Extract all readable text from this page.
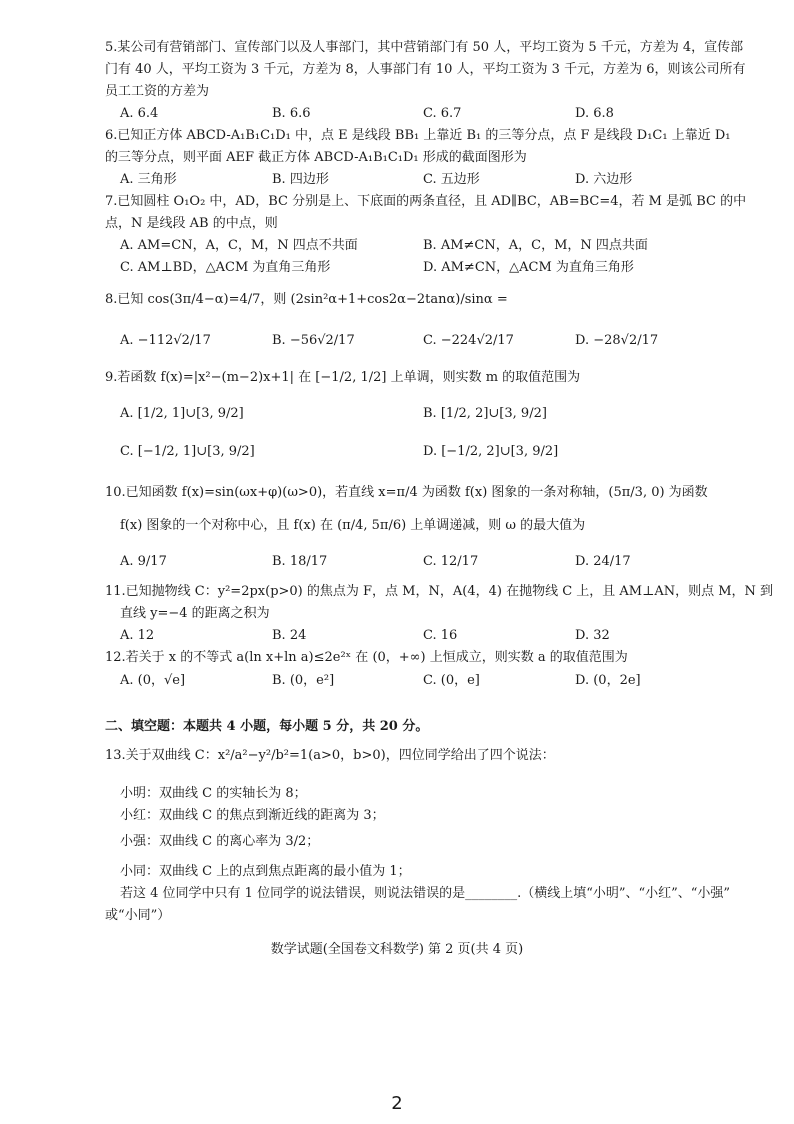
5.某公司有营销部门、宣传部门以及人事部门，其中营销部门有 50 人，平均工资为 5 千元，方差为 4，宣传部
门有 40 人，平均工资为 3 千元，方差为 8，人事部门有 10 人，平均工资为 3 千元，方差为 6，则该公司所有
员工工资的方差为
A. 6.4	B. 6.6	C. 6.7	D. 6.8
6.已知正方体 ABCD-A₁B₁C₁D₁ 中，点 E 是线段 BB₁ 上靠近 B₁ 的三等分点，点 F 是线段 D₁C₁ 上靠近 D₁
的三等分点，则平面 AEF 截正方体 ABCD-A₁B₁C₁D₁ 形成的截面图形为
A. 三角形	B. 四边形	C. 五边形	D. 六边形
7.已知圆柱 O₁O₂ 中，AD，BC 分别是上、下底面的两条直径，且 AD∥BC，AB=BC=4，若 M 是弧 BC 的中
点，N 是线段 AB 的中点，则
A. AM=CN，A，C，M，N 四点不共面	B. AM≠CN，A，C，M，N 四点共面
C. AM⊥BD，△ACM 为直角三角形	D. AM≠CN，△ACM 为直角三角形
8.已知 cos(3π/4−α)=4/7，则 (2sin²α+1+cos2α−2tanα)/sinα =
A. −112√2/17	B. −56√2/17	C. −224√2/17	D. −28√2/17
9.若函数 f(x)=|x²−(m−2)x+1| 在 [−1/2, 1/2] 上单调，则实数 m 的取值范围为
A. [1/2, 1]∪[3, 9/2]	B. [1/2, 2]∪[3, 9/2]
C. [−1/2, 1]∪[3, 9/2]	D. [−1/2, 2]∪[3, 9/2]
10.已知函数 f(x)=sin(ωx+φ)(ω>0)，若直线 x=π/4 为函数 f(x) 图象的一条对称轴，(5π/3, 0) 为函数
f(x) 图象的一个对称中心，且 f(x) 在 (π/4, 5π/6) 上单调递减，则 ω 的最大值为
A. 9/17	B. 18/17	C. 12/17	D. 24/17
11.已知抛物线 C：y²=2px(p>0) 的焦点为 F，点 M，N，A(4，4) 在抛物线 C 上，且 AM⊥AN，则点 M，N 到
直线 y=−4 的距离之积为
A. 12	B. 24	C. 16	D. 32
12.若关于 x 的不等式 a(ln x+ln a)≤2e²ˣ 在 (0，+∞) 上恒成立，则实数 a 的取值范围为
A. (0，√e]	B. (0，e²]	C. (0，e]	D. (0，2e]
二、填空题：本题共 4 小题，每小题 5 分，共 20 分。
13.关于双曲线 C：x²/a²−y²/b²=1(a>0，b>0)，四位同学给出了四个说法：
小明：双曲线 C 的实轴长为 8；
小红：双曲线 C 的焦点到渐近线的距离为 3；
小强：双曲线 C 的离心率为 3/2；
小同：双曲线 C 上的点到焦点距离的最小值为 1；
若这 4 位同学中只有 1 位同学的说法错误，则说法错误的是________.（横线上填“小明”、“小红”、“小强”
或“小同”）
数学试题(全国卷文科数学) 第 2 页(共 4 页)
2
